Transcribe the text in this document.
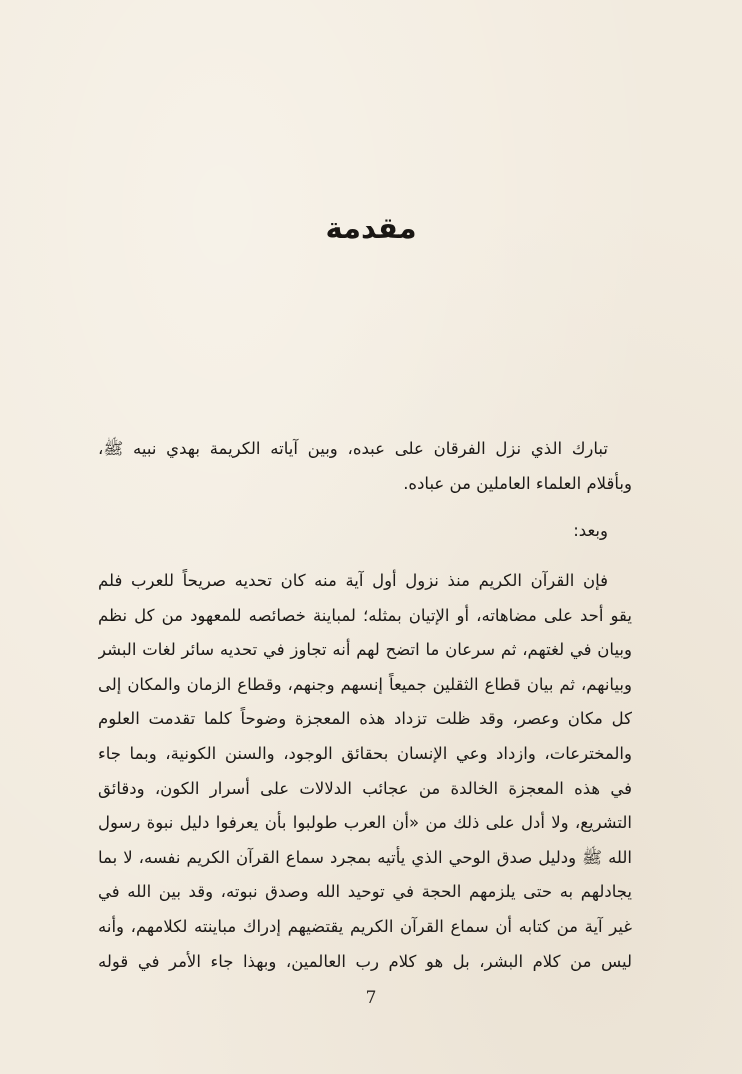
مقدمة
تبارك الذي نزل الفرقان على عبده، وبين آياته الكريمة بهدي نبيه ﷺ،
وبأقلام العلماء العاملين من عباده.
وبعد:
فإن القرآن الكريم منذ نزول أول آية منه كان تحديه صريحاً للعرب فلم
يقو أحد على مضاهاته، أو الإتيان بمثله؛ لمباينة خصائصه للمعهود من كل نظم
وبيان في لغتهم، ثم سرعان ما اتضح لهم أنه تجاوز في تحديه سائر لغات البشر
وبيانهم، ثم بيان قطاع الثقلين جميعاً إنسهم وجنهم، وقطاع الزمان والمكان إلى
كل مكان وعصر، وقد ظلت تزداد هذه المعجزة وضوحاً كلما تقدمت العلوم
والمخترعات، وازداد وعي الإنسان بحقائق الوجود، والسنن الكونية، وبما جاء
في هذه المعجزة الخالدة من عجائب الدلالات على أسرار الكون، ودقائق
التشريع، ولا أدل على ذلك من «أن العرب طولبوا بأن يعرفوا دليل نبوة رسول
الله ﷺ ودليل صدق الوحي الذي يأتيه بمجرد سماع القرآن الكريم نفسه، لا بما
يجادلهم به حتى يلزمهم الحجة في توحيد الله وصدق نبوته، وقد بين الله في
غير آية من كتابه أن سماع القرآن الكريم يقتضيهم إدراك مباينته لكلامهم، وأنه
ليس من كلام البشر، بل هو كلام رب العالمين، وبهذا جاء الأمر في قوله
7
